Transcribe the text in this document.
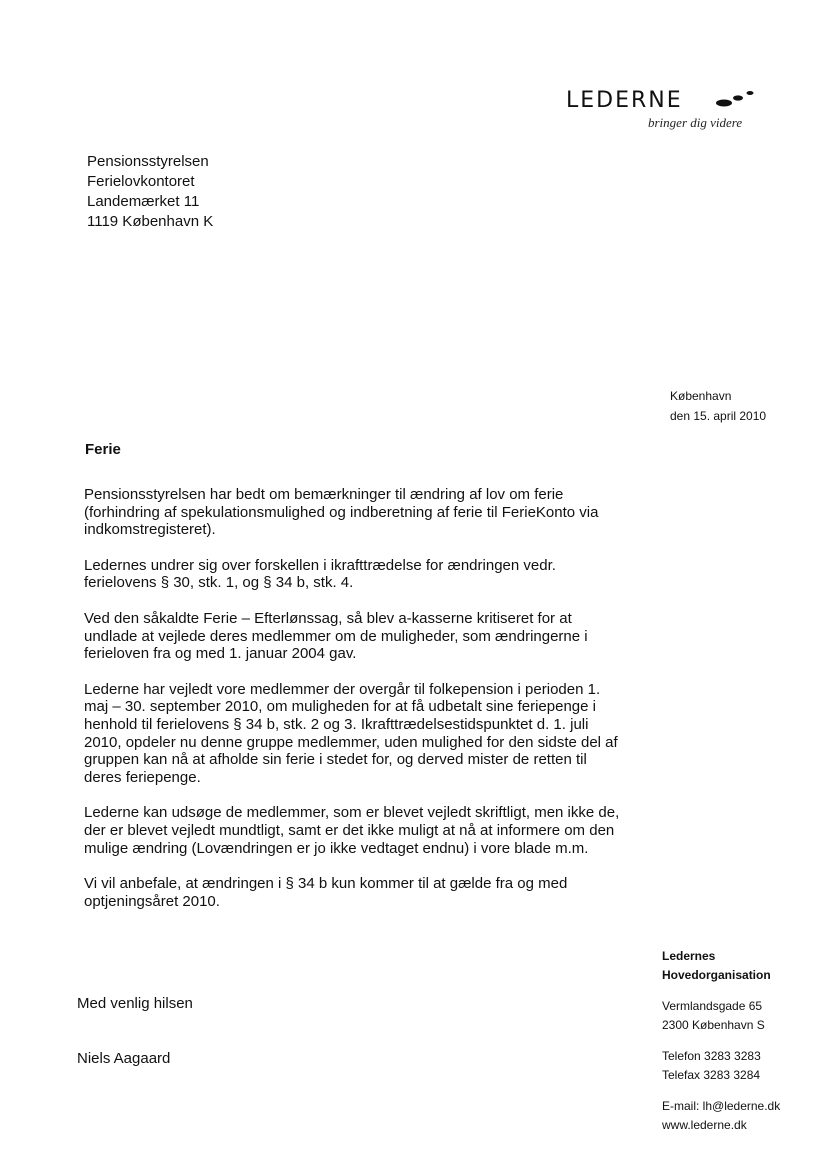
LEDERNE
bringer dig videre
Pensionsstyrelsen
Ferielovkontoret
Landemærket 11
1119 København K
København
den 15. april 2010
Ferie

Pensionsstyrelsen har bedt om bemærkninger til ændring af lov om ferie (forhindring af spekulationsmulighed og indberetning af ferie til FerieKonto via indkomstregisteret).

Ledernes undrer sig over forskellen i ikrafttrædelse for ændringen vedr. ferielovens § 30, stk. 1, og § 34 b, stk. 4.

Ved den såkaldte Ferie – Efterlønssag, så blev a-kasserne kritiseret for at undlade at vejlede deres medlemmer om de muligheder, som ændringerne i ferieloven fra og med 1. januar 2004 gav.

Lederne har vejledt vore medlemmer der overgår til folkepension i perioden 1. maj – 30. september 2010, om muligheden for at få udbetalt sine feriepenge i henhold til ferielovens § 34 b, stk. 2 og 3. Ikrafttrædelsestidspunktet d. 1. juli 2010, opdeler nu denne gruppe medlemmer, uden mulighed for den sidste del af gruppen kan nå at afholde sin ferie i stedet for, og derved mister de retten til deres feriepenge.

Lederne kan udsøge de medlemmer, som er blevet vejledt skriftligt, men ikke de, der er blevet vejledt mundtligt, samt er det ikke muligt at nå at informere om den mulige ændring (Lovændringen er jo ikke vedtaget endnu) i vore blade m.m.

Vi vil anbefale, at ændringen i § 34 b kun kommer til at gælde fra og med optjeningsåret 2010.

Med venlig hilsen
Niels Aagaard
Ledernes
Hovedorganisation
Vermlandsgade 65
2300 København S
Telefon 3283 3283
Telefax 3283 3284
E-mail: lh@lederne.dk
www.lederne.dk
